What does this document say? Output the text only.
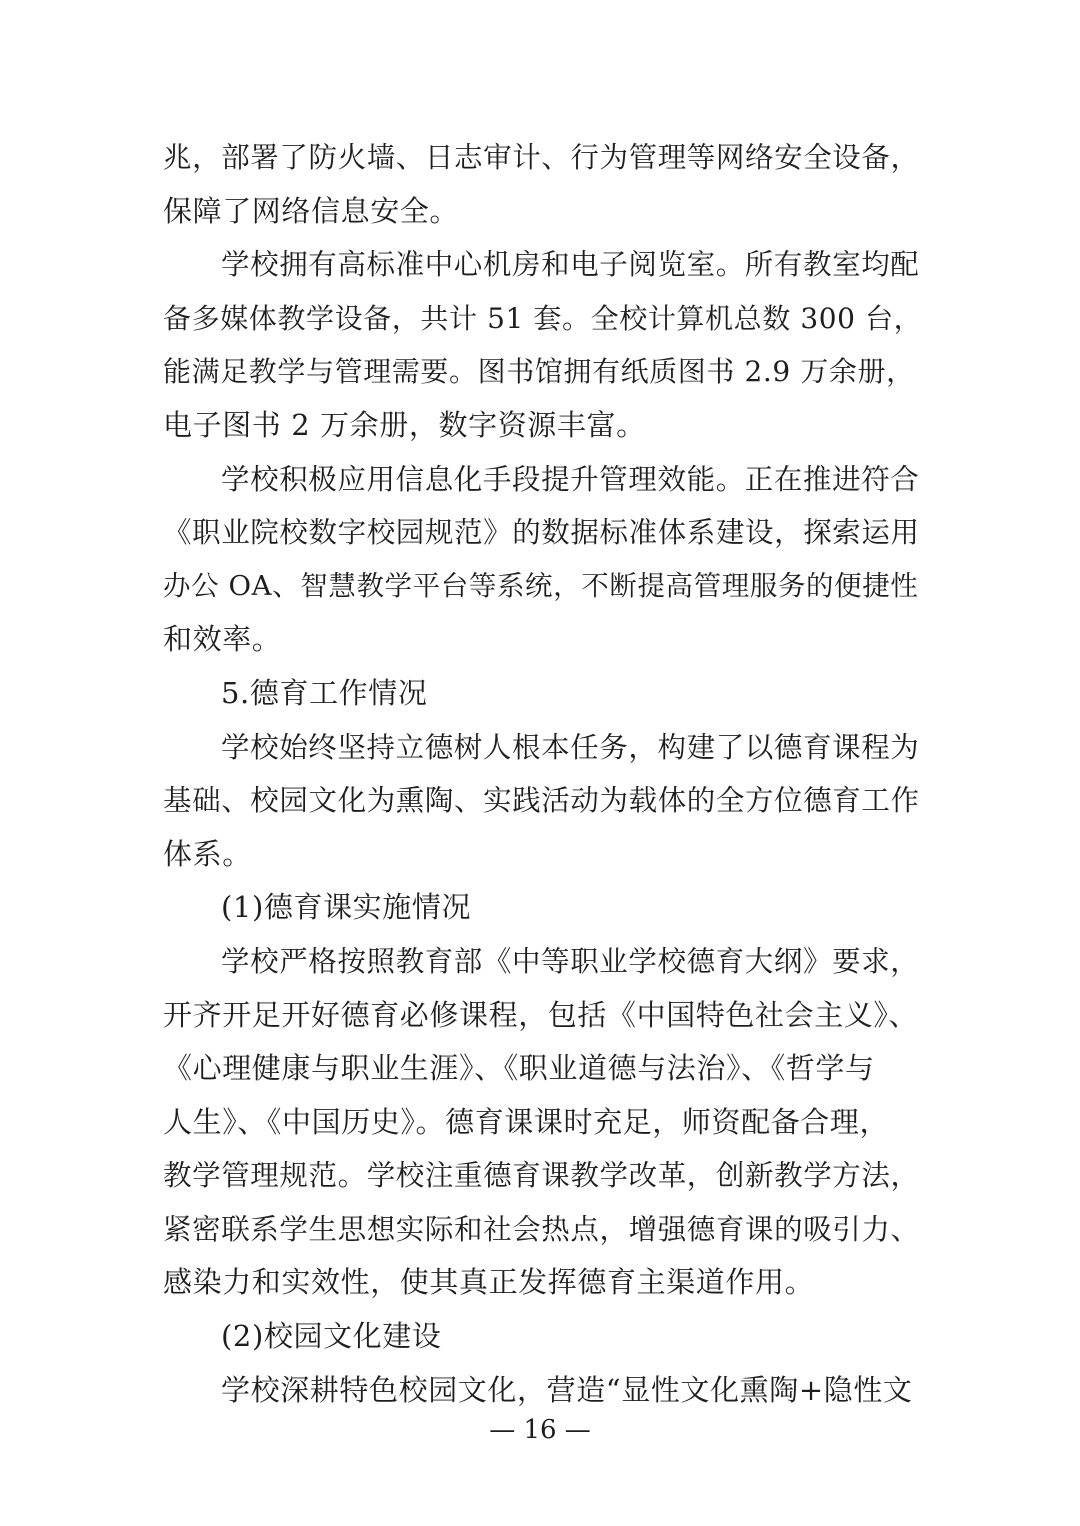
兆，部署了防火墙、日志审计、行为管理等网络安全设备，
保障了网络信息安全。
学校拥有高标准中心机房和电子阅览室。所有教室均配
备多媒体教学设备，共计 51 套。全校计算机总数 300 台，
能满足教学与管理需要。图书馆拥有纸质图书 2.9 万余册，
电子图书 2 万余册，数字资源丰富。
学校积极应用信息化手段提升管理效能。正在推进符合
《职业院校数字校园规范》的数据标准体系建设，探索运用
办公 OA、智慧教学平台等系统，不断提高管理服务的便捷性
和效率。
5.德育工作情况
学校始终坚持立德树人根本任务，构建了以德育课程为
基础、校园文化为熏陶、实践活动为载体的全方位德育工作
体系。
(1)德育课实施情况
学校严格按照教育部《中等职业学校德育大纲》要求，
开齐开足开好德育必修课程，包括《中国特色社会主义》、
《心理健康与职业生涯》、《职业道德与法治》、《哲学与
人生》、《中国历史》。德育课课时充足，师资配备合理，
教学管理规范。学校注重德育课教学改革，创新教学方法，
紧密联系学生思想实际和社会热点，增强德育课的吸引力、
感染力和实效性，使其真正发挥德育主渠道作用。
(2)校园文化建设
学校深耕特色校园文化，营造“显性文化熏陶+隐性文
— 16 —
